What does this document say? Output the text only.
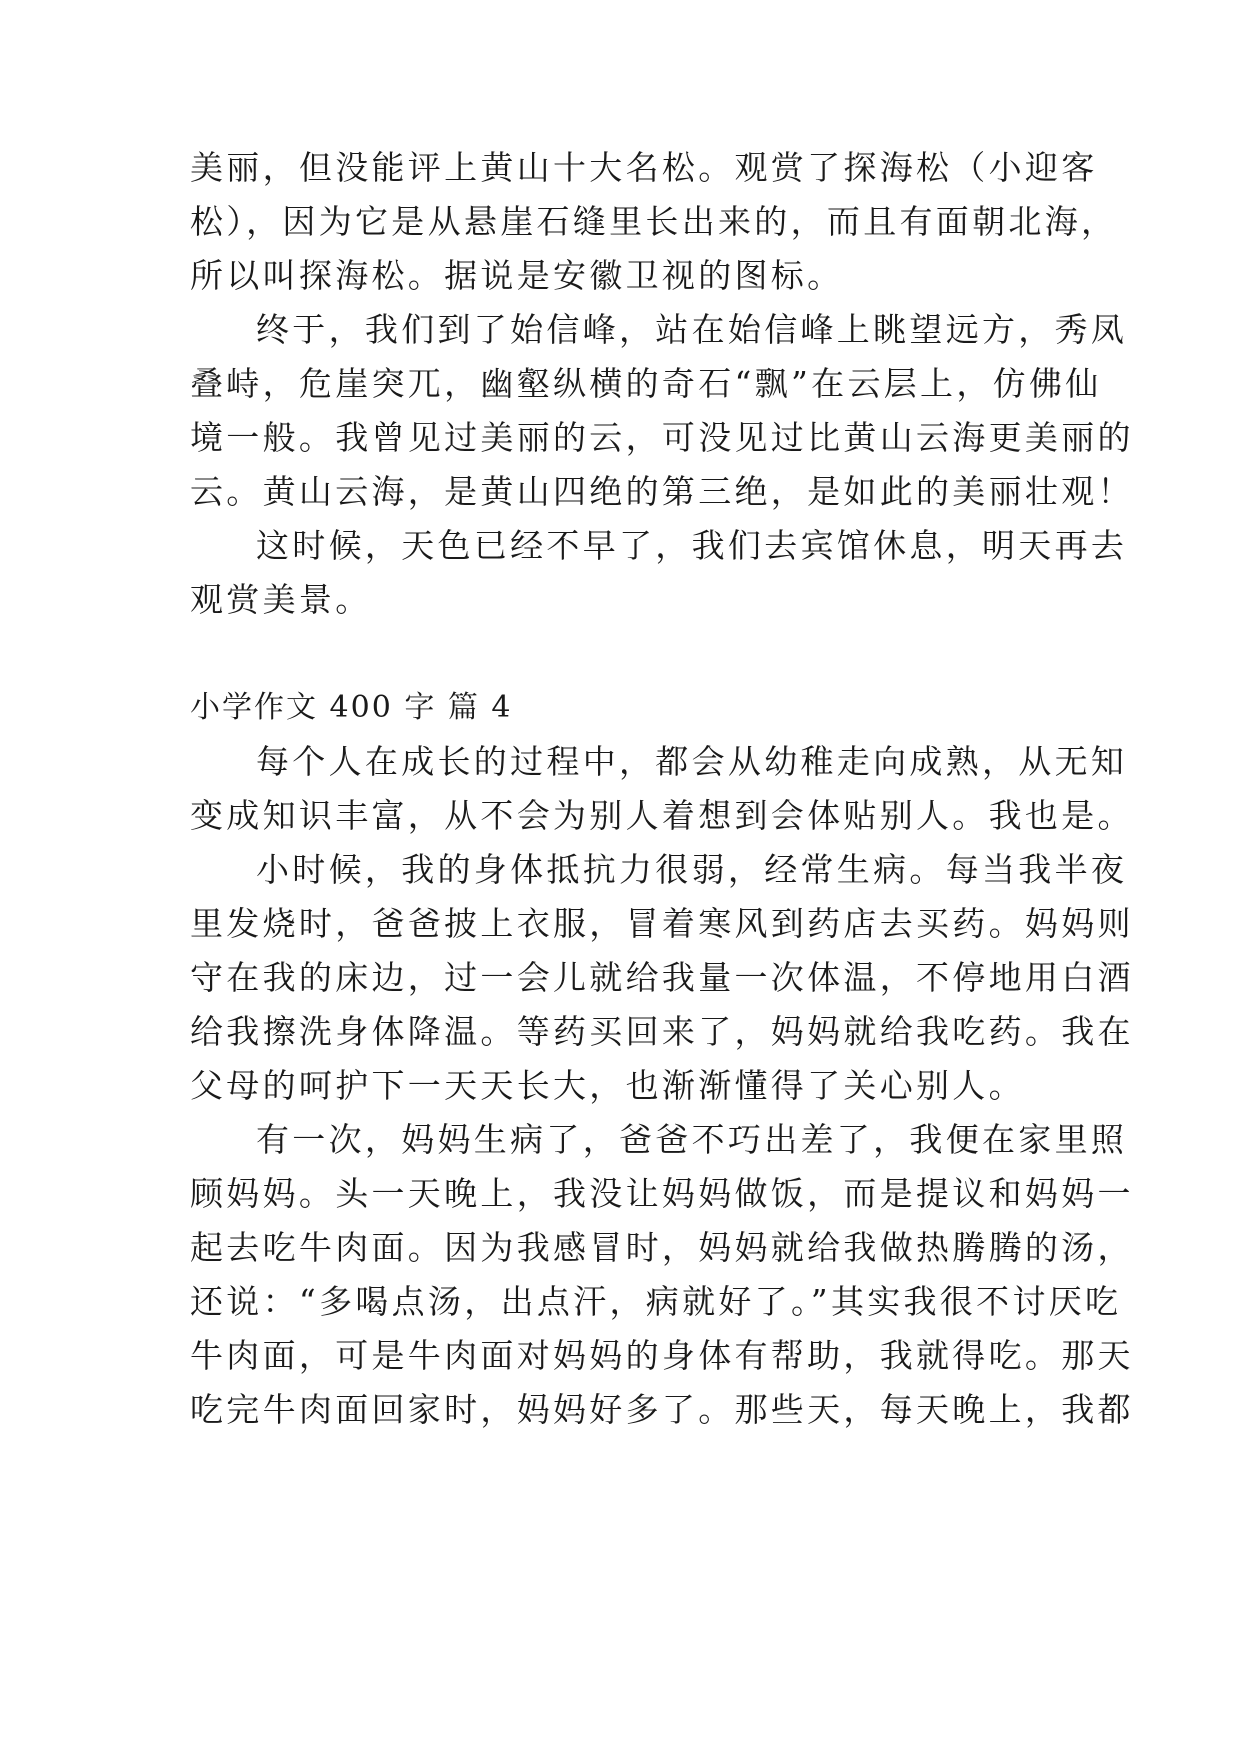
美丽，但没能评上黄山十大名松。观赏了探海松（小迎客
松），因为它是从悬崖石缝里长出来的，而且有面朝北海，
所以叫探海松。据说是安徽卫视的图标。
终于，我们到了始信峰，站在始信峰上眺望远方，秀凤
叠峙，危崖突兀，幽壑纵横的奇石“飘”在云层上，仿佛仙
境一般。我曾见过美丽的云，可没见过比黄山云海更美丽的
云。黄山云海，是黄山四绝的第三绝，是如此的美丽壮观！
这时候，天色已经不早了，我们去宾馆休息，明天再去
观赏美景。
小学作文 400 字 篇 4
每个人在成长的过程中，都会从幼稚走向成熟，从无知
变成知识丰富，从不会为别人着想到会体贴别人。我也是。
小时候，我的身体抵抗力很弱，经常生病。每当我半夜
里发烧时，爸爸披上衣服，冒着寒风到药店去买药。妈妈则
守在我的床边，过一会儿就给我量一次体温，不停地用白酒
给我擦洗身体降温。等药买回来了，妈妈就给我吃药。我在
父母的呵护下一天天长大，也渐渐懂得了关心别人。
有一次，妈妈生病了，爸爸不巧出差了，我便在家里照
顾妈妈。头一天晚上，我没让妈妈做饭，而是提议和妈妈一
起去吃牛肉面。因为我感冒时，妈妈就给我做热腾腾的汤，
还说：“多喝点汤，出点汗，病就好了。”其实我很不讨厌吃
牛肉面，可是牛肉面对妈妈的身体有帮助，我就得吃。那天
吃完牛肉面回家时，妈妈好多了。那些天，每天晚上，我都
